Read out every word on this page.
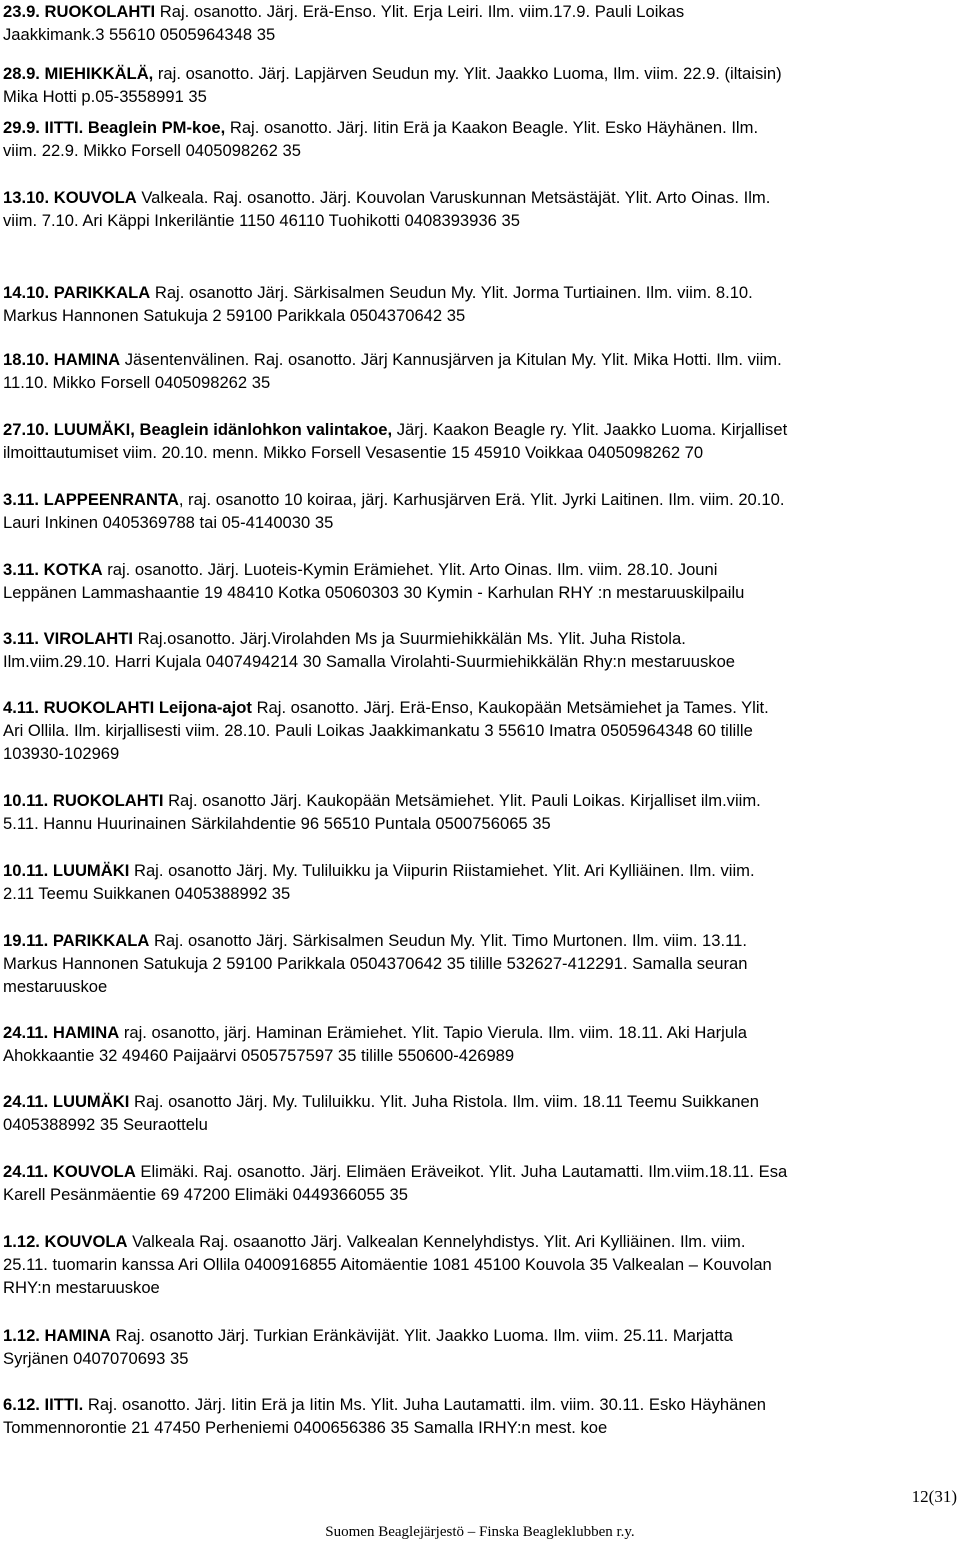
23.9. RUOKOLAHTI Raj. osanotto. Järj. Erä-Enso. Ylit. Erja Leiri. Ilm. viim.17.9. Pauli Loikas
Jaakkimank.3 55610 0505964348 35
28.9. MIEHIKKÄLÄ, raj. osanotto. Järj. Lapjärven Seudun my. Ylit. Jaakko Luoma, Ilm. viim. 22.9. (iltaisin)
Mika Hotti p.05-3558991 35
29.9. IITTI. Beaglein PM-koe, Raj. osanotto. Järj. Iitin Erä ja Kaakon Beagle. Ylit. Esko Häyhänen. Ilm.
viim. 22.9. Mikko Forsell 0405098262 35
13.10. KOUVOLA Valkeala. Raj. osanotto. Järj. Kouvolan Varuskunnan Metsästäjät. Ylit. Arto Oinas. Ilm.
viim. 7.10. Ari Käppi Inkeriläntie 1150 46110 Tuohikotti 0408393936 35
14.10. PARIKKALA Raj. osanotto Järj. Särkisalmen Seudun My. Ylit. Jorma Turtiainen. Ilm. viim. 8.10.
Markus Hannonen Satukuja 2 59100 Parikkala 0504370642 35
18.10. HAMINA Jäsentenvälinen. Raj. osanotto. Järj Kannusjärven ja Kitulan My. Ylit. Mika Hotti. Ilm. viim.
11.10. Mikko Forsell 0405098262 35
27.10. LUUMÄKI, Beaglein idänlohkon valintakoe, Järj. Kaakon Beagle ry. Ylit. Jaakko Luoma. Kirjalliset
ilmoittautumiset viim. 20.10. menn. Mikko Forsell Vesasentie 15 45910 Voikkaa 0405098262 70
3.11. LAPPEENRANTA, raj. osanotto 10 koiraa, järj. Karhusjärven Erä. Ylit. Jyrki Laitinen. Ilm. viim. 20.10.
Lauri Inkinen 0405369788 tai 05-4140030 35
3.11. KOTKA raj. osanotto. Järj. Luoteis-Kymin Erämiehet. Ylit. Arto Oinas. Ilm. viim. 28.10. Jouni
Leppänen Lammashaantie 19 48410 Kotka 05060303 30 Kymin - Karhulan RHY :n mestaruuskilpailu
3.11. VIROLAHTI Raj.osanotto. Järj.Virolahden Ms ja Suurmiehikkälän Ms. Ylit. Juha Ristola.
Ilm.viim.29.10. Harri Kujala 0407494214 30 Samalla Virolahti-Suurmiehikkälän Rhy:n mestaruuskoe
4.11. RUOKOLAHTI Leijona-ajot Raj. osanotto. Järj. Erä-Enso, Kaukopään Metsämiehet ja Tames. Ylit.
Ari Ollila. Ilm. kirjallisesti viim. 28.10. Pauli Loikas Jaakkimankatu 3 55610 Imatra 0505964348 60 tilille
103930-102969
10.11. RUOKOLAHTI Raj. osanotto Järj. Kaukopään Metsämiehet. Ylit. Pauli Loikas. Kirjalliset ilm.viim.
5.11. Hannu Huurinainen Särkilahdentie 96 56510 Puntala 0500756065 35
10.11. LUUMÄKI Raj. osanotto Järj. My. Tuliluikku ja Viipurin Riistamiehet. Ylit. Ari Kylliäinen. Ilm. viim.
2.11 Teemu Suikkanen 0405388992 35
19.11. PARIKKALA Raj. osanotto Järj. Särkisalmen Seudun My. Ylit. Timo Murtonen. Ilm. viim. 13.11.
Markus Hannonen Satukuja 2 59100 Parikkala 0504370642 35 tilille 532627-412291. Samalla seuran
mestaruuskoe
24.11. HAMINA raj. osanotto, järj. Haminan Erämiehet. Ylit. Tapio Vierula. Ilm. viim. 18.11. Aki Harjula
Ahokkaantie 32 49460 Paijaärvi 0505757597 35 tilille 550600-426989
24.11. LUUMÄKI Raj. osanotto Järj. My. Tuliluikku. Ylit. Juha Ristola. Ilm. viim. 18.11 Teemu Suikkanen
0405388992 35 Seuraottelu
24.11. KOUVOLA Elimäki. Raj. osanotto. Järj. Elimäen Eräveikot. Ylit. Juha Lautamatti. Ilm.viim.18.11. Esa
Karell Pesänmäentie 69 47200 Elimäki 0449366055 35
1.12. KOUVOLA Valkeala Raj. osaanotto Järj. Valkealan Kennelyhdistys. Ylit. Ari Kylliäinen. Ilm. viim.
25.11. tuomarin kanssa Ari Ollila 0400916855 Aitomäentie 1081 45100 Kouvola 35 Valkealan – Kouvolan
RHY:n mestaruuskoe
1.12. HAMINA Raj. osanotto Järj. Turkian Eränkävijät. Ylit. Jaakko Luoma. Ilm. viim. 25.11. Marjatta
Syrjänen 0407070693 35
6.12. IITTI. Raj. osanotto. Järj. Iitin Erä ja Iitin Ms. Ylit. Juha Lautamatti. ilm. viim. 30.11. Esko Häyhänen
Tommennorontie 21 47450 Perheniemi 0400656386 35 Samalla IRHY:n mest. koe
12(31)
Suomen Beaglejärjestö – Finska Beagleklubben r.y.
